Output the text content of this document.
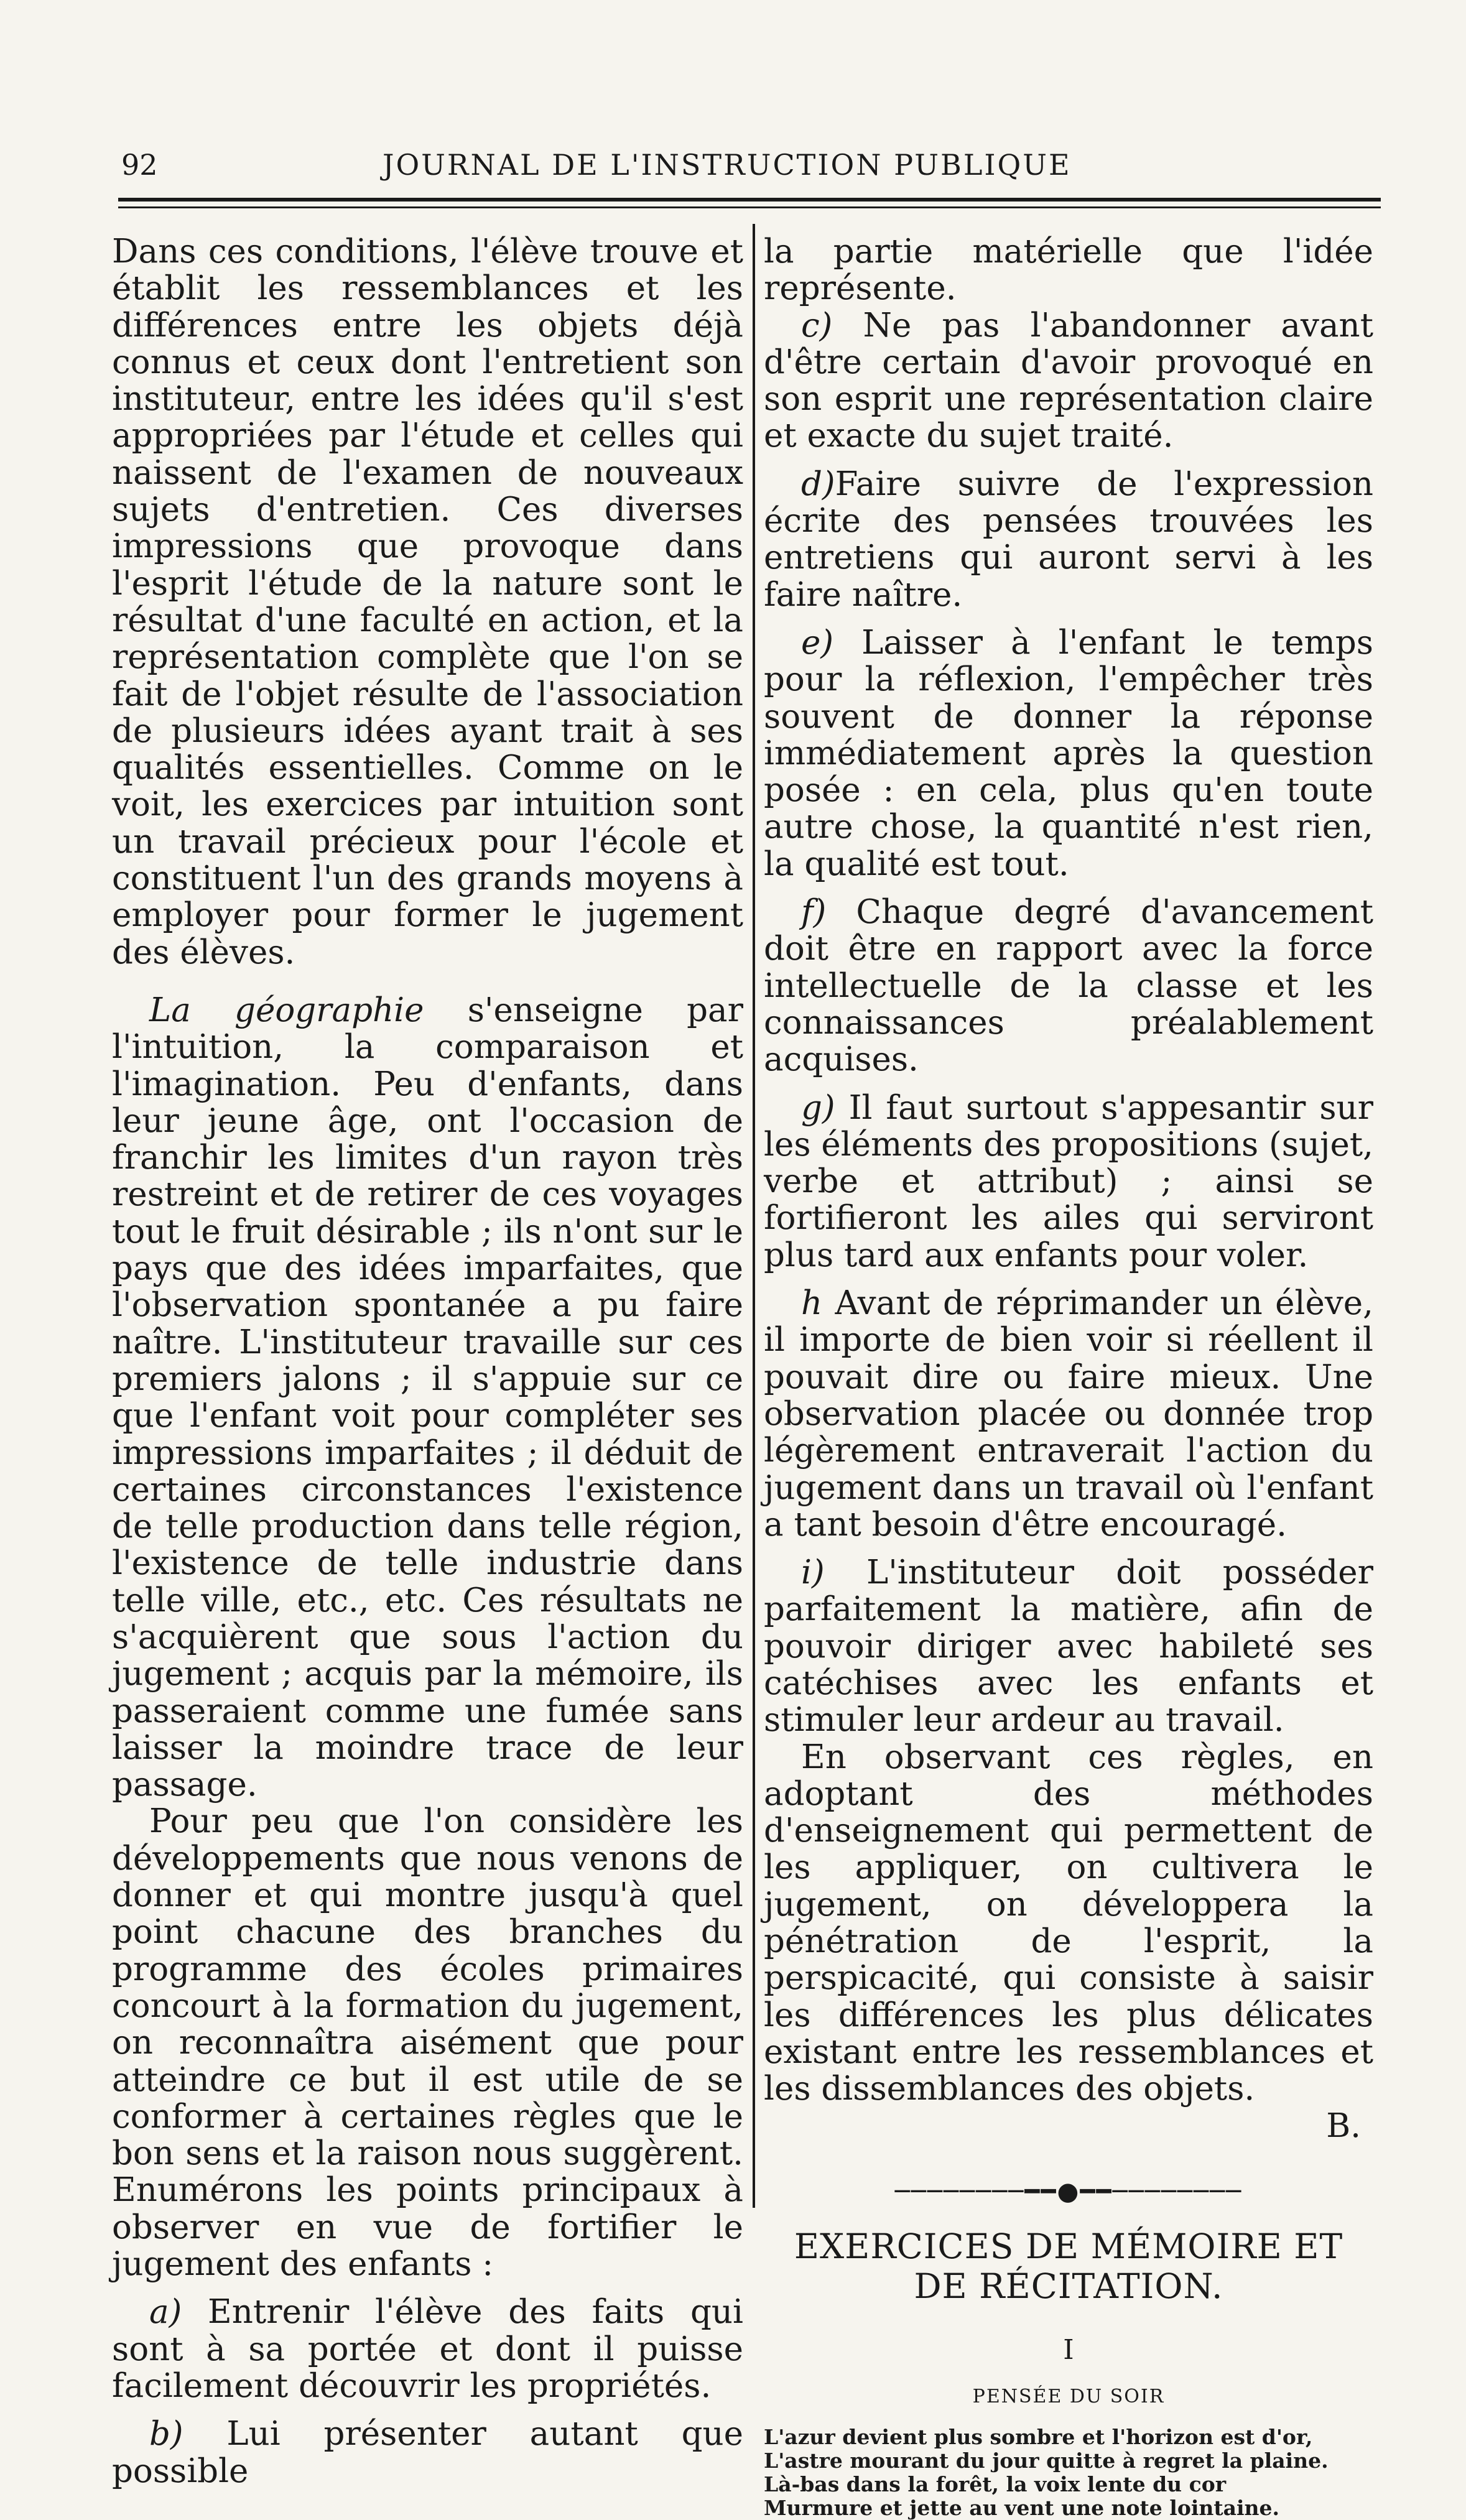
92	JOURNAL DE L'INSTRUCTION PUBLIQUE

Dans ces conditions, l'élève trouve et établit les ressemblances et les différences entre les objets déjà connus et ceux dont l'entretient son instituteur, entre les idées qu'il s'est appropriées par l'étude et celles qui naissent de l'examen de nouveaux sujets d'entretien. Ces diverses impressions que provoque dans l'esprit l'étude de la nature sont le résultat d'une faculté en action, et la représentation complète que l'on se fait de l'objet résulte de l'association de plusieurs idées ayant trait à ses qualités essentielles. Comme on le voit, les exercices par intuition sont un travail précieux pour l'école et constituent l'un des grands moyens à employer pour former le jugement des élèves.

La géographie s'enseigne par l'intuition, la comparaison et l'imagination. Peu d'enfants, dans leur jeune âge, ont l'occasion de franchir les limites d'un rayon très restreint et de retirer de ces voyages tout le fruit désirable ; ils n'ont sur le pays que des idées imparfaites, que l'observation spontanée a pu faire naître. L'instituteur travaille sur ces premiers jalons ; il s'appuie sur ce que l'enfant voit pour compléter ses impressions imparfaites ; il déduit de certaines circonstances l'existence de telle production dans telle région, l'existence de telle industrie dans telle ville, etc., etc. Ces résultats ne s'acquièrent que sous l'action du jugement ; acquis par la mémoire, ils passeraient comme une fumée sans laisser la moindre trace de leur passage.

Pour peu que l'on considère les développements que nous venons de donner et qui montre jusqu'à quel point chacune des branches du programme des écoles primaires concourt à la formation du jugement, on reconnaîtra aisément que pour atteindre ce but il est utile de se conformer à certaines règles que le bon sens et la raison nous suggèrent. Enumérons les points principaux à observer en vue de fortifier le jugement des enfants :

a) Entrenir l'élève des faits qui sont à sa portée et dont il puisse facilement découvrir les propriétés.

b) Lui présenter autant que possible

la partie matérielle que l'idée représente.

c) Ne pas l'abandonner avant d'être certain d'avoir provoqué en son esprit une représentation claire et exacte du sujet traité.

d)Faire suivre de l'expression écrite des pensées trouvées les entretiens qui auront servi à les faire naître.

e) Laisser à l'enfant le temps pour la réflexion, l'empêcher très souvent de donner la réponse immédiatement après la question posée : en cela, plus qu'en toute autre chose, la quantité n'est rien, la qualité est tout.

f) Chaque degré d'avancement doit être en rapport avec la force intellectuelle de la classe et les connaissances préalablement acquises.

g) Il faut surtout s'appesantir sur les éléments des propositions (sujet, verbe et attribut) ; ainsi se fortifieront les ailes qui serviront plus tard aux enfants pour voler.

h Avant de réprimander un élève, il importe de bien voir si réellent il pouvait dire ou faire mieux. Une observation placée ou donnée trop légèrement entraverait l'action du jugement dans un travail où l'enfant a tant besoin d'être encouragé.

i) L'instituteur doit posséder parfaitement la matière, afin de pouvoir diriger avec habileté ses catéchises avec les enfants et stimuler leur ardeur au travail.

En observant ces règles, en adoptant des méthodes d'enseignement qui permettent de les appliquer, on cultivera le jugement, on développera la pénétration de l'esprit, la perspicacité, qui consiste à saisir les différences les plus délicates existant entre les ressemblances et les dissemblances des objets.

B.

────────━━●━━────────
EXERCICES DE MÉMOIRE ET DE RÉCITATION.
I
PENSÉE DU SOIR
L'azur devient plus sombre et l'horizon est d'or,
L'astre mourant du jour quitte à regret la plaine.
Là-bas dans la forêt, la voix lente du cor
Murmure et jette au vent une note lointaine.
